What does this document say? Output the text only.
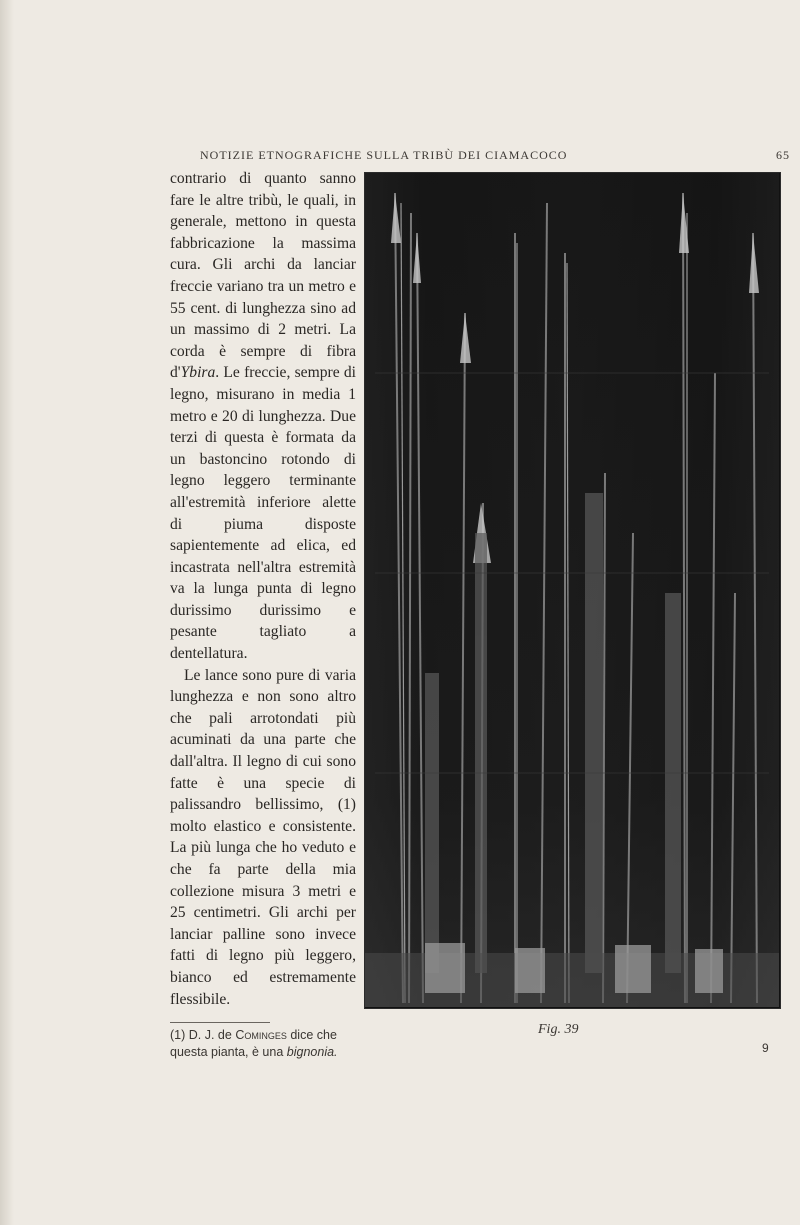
NOTIZIE ETNOGRAFICHE SULLA TRIBÙ DEI CIAMACOCO	65

contrario di quanto sanno fare le altre tribù, le quali, in generale, mettono in questa fabbricazione la massima cura. Gli archi da lanciar freccie variano tra un metro e 55 cent. di lunghezza sino ad un massimo di 2 metri. La corda è sempre di fibra d'Ybira. Le freccie, sempre di legno, misurano in media 1 metro e 20 di lunghezza. Due terzi di questa è formata da un bastoncino rotondo di legno leggero terminante all'estremità inferiore alette di piuma disposte sapientemente ad elica, ed incastrata nell'altra estremità va la lunga punta di legno durissimo durissimo e pesante tagliato a dentellatura.

Le lance sono pure di varia lunghezza e non sono altro che pali arrotondati più acuminati da una parte che dall'altra. Il legno di cui sono fatte è una specie di palissandro bellissimo, (1) molto elastico e consistente. La più lunga che ho veduto e che fa parte della mia collezione misura 3 metri e 25 centimetri. Gli archi per lanciar palline sono invece fatti di legno più leggero, bianco ed estremamente flessibile.

(1) D. J. de Cominges dice che questa pianta, è una bignonia.
Fig. 39
9
